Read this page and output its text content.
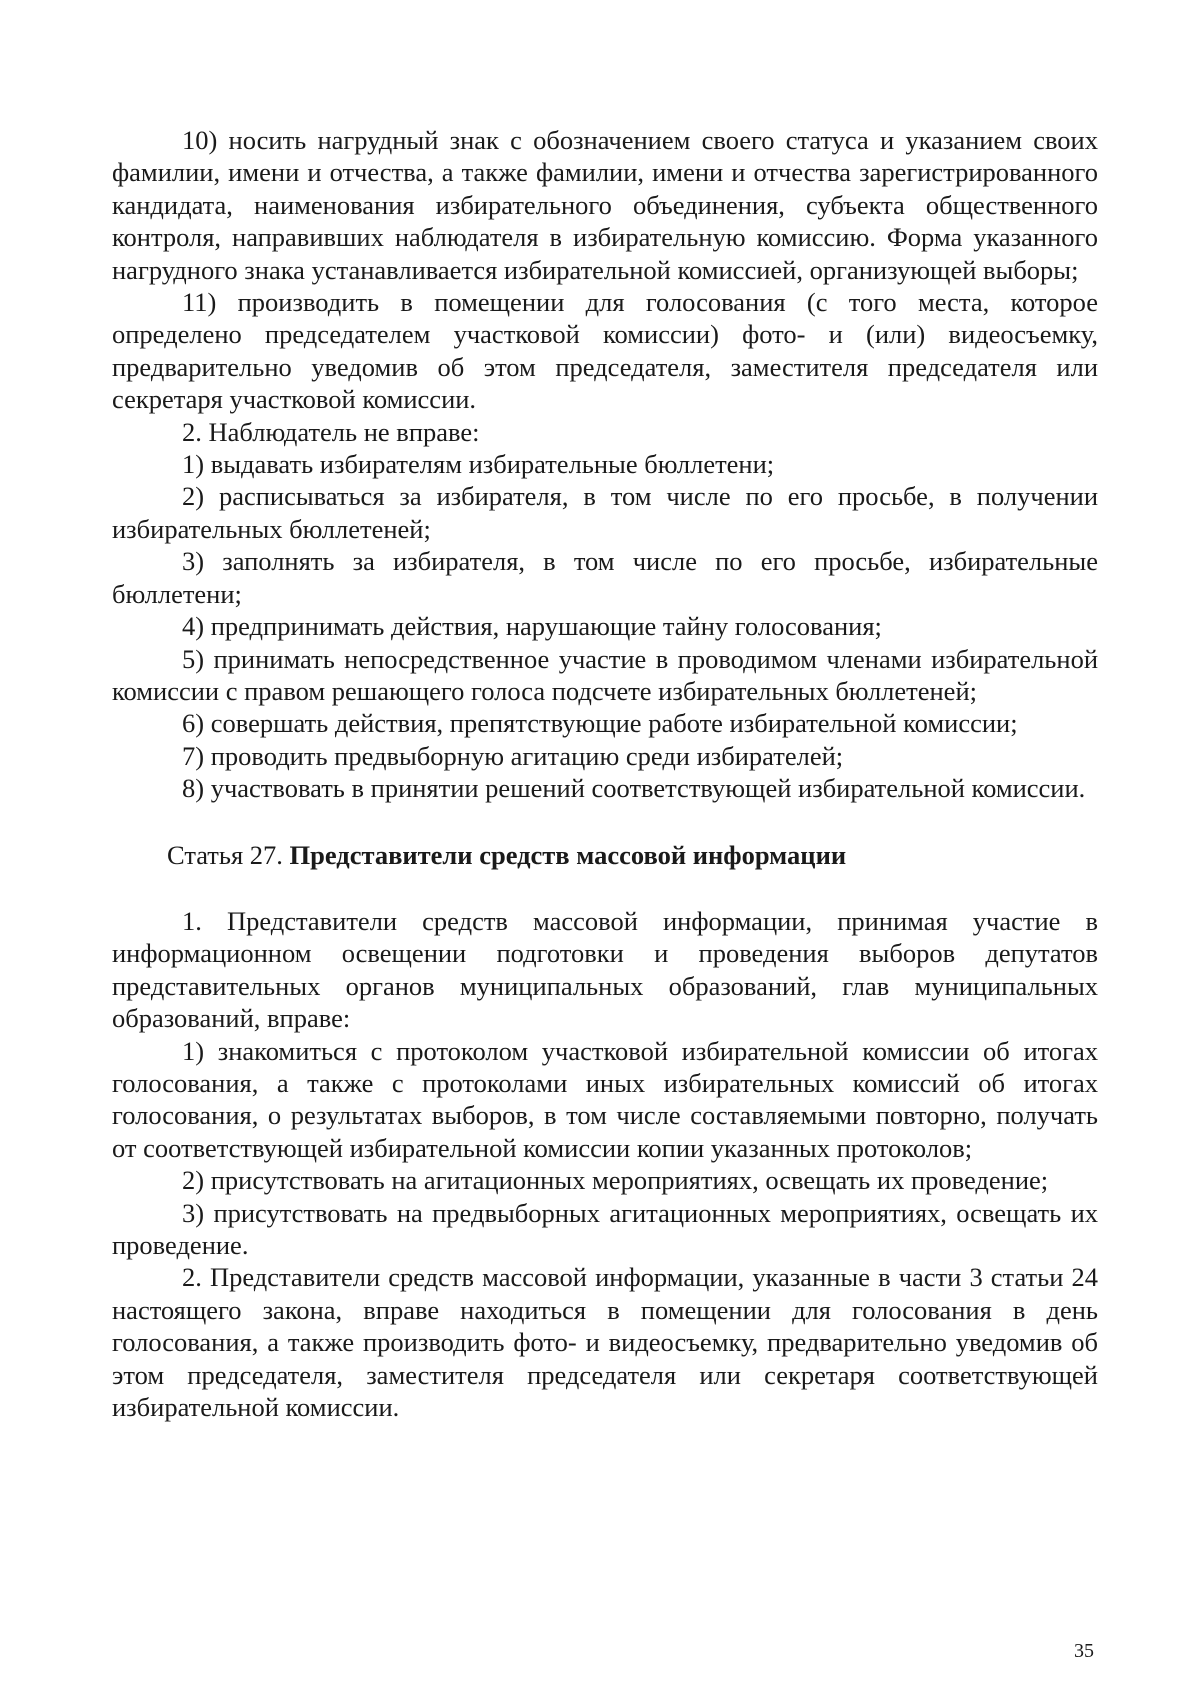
10) носить нагрудный знак с обозначением своего статуса и указанием своих фамилии, имени и отчества, а также фамилии, имени и отчества зарегистрированного кандидата, наименования избирательного объединения, субъекта общественного контроля, направивших наблюдателя в избирательную комиссию. Форма указанного нагрудного знака устанавливается избирательной комиссией, организующей выборы;

11) производить в помещении для голосования (с того места, которое определено председателем участковой комиссии) фото- и (или) видеосъемку, предварительно уведомив об этом председателя, заместителя председателя или секретаря участковой комиссии.

2. Наблюдатель не вправе:

1) выдавать избирателям избирательные бюллетени;

2) расписываться за избирателя, в том числе по его просьбе, в получении избирательных бюллетеней;

3) заполнять за избирателя, в том числе по его просьбе, избирательные бюллетени;

4) предпринимать действия, нарушающие тайну голосования;

5) принимать непосредственное участие в проводимом членами избирательной комиссии с правом решающего голоса подсчете избирательных бюллетеней;

6) совершать действия, препятствующие работе избирательной комиссии;

7) проводить предвыборную агитацию среди избирателей;

8) участвовать в принятии решений соответствующей избирательной комиссии.

Статья 27. Представители средств массовой информации

1. Представители средств массовой информации, принимая участие в информационном освещении подготовки и проведения выборов депутатов представительных органов муниципальных образований, глав муниципальных образований, вправе:

1) знакомиться с протоколом участковой избирательной комиссии об итогах голосования, а также с протоколами иных избирательных комиссий об итогах голосования, о результатах выборов, в том числе составляемыми повторно, получать от соответствующей избирательной комиссии копии указанных протоколов;

2) присутствовать на агитационных мероприятиях, освещать их проведение;

3) присутствовать на предвыборных агитационных мероприятиях, освещать их проведение.

2. Представители средств массовой информации, указанные в части 3 статьи 24 настоящего закона, вправе находиться в помещении для голосования в день голосования, а также производить фото- и видеосъемку, предварительно уведомив об этом председателя, заместителя председателя или секретаря соответствующей избирательной комиссии.

35
